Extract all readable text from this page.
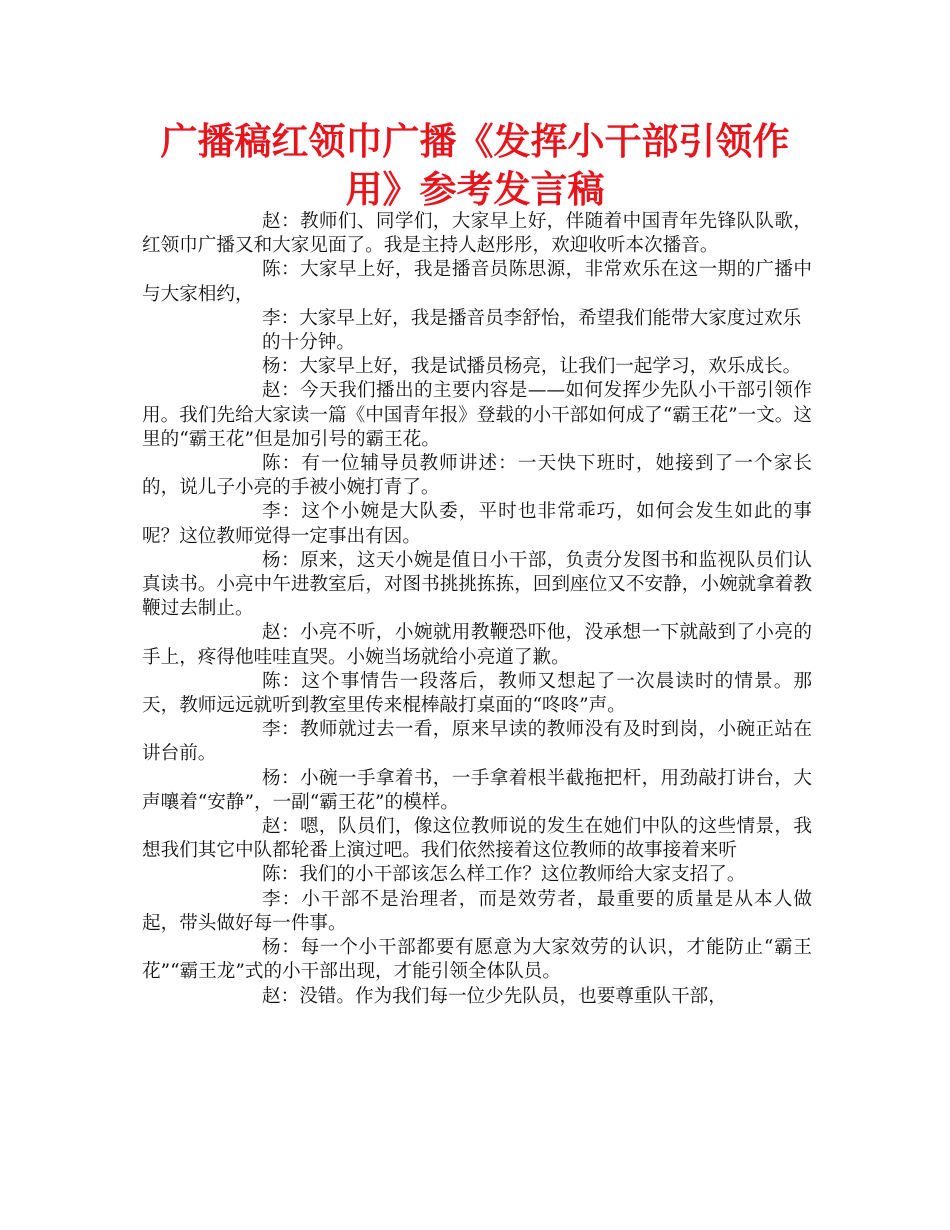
广播稿红领巾广播《发挥小干部引领作
用》参考发言稿

赵：教师们、同学们，大家早上好，伴随着中国青年先锋队队歌，红领巾广播又和大家见面了。我是主持人赵彤彤，欢迎收听本次播音。

陈：大家早上好，我是播音员陈思源，非常欢乐在这一期的广播中与大家相约，

李：大家早上好，我是播音员李舒怡，希望我们能带大家度过欢乐

的十分钟。

杨：大家早上好，我是试播员杨亮，让我们一起学习，欢乐成长。

赵：今天我们播出的主要内容是——如何发挥少先队小干部引领作用。我们先给大家读一篇《中国青年报》登载的小干部如何成了“霸王花”一文。这里的“霸王花”但是加引号的霸王花。

陈：有一位辅导员教师讲述：一天快下班时，她接到了一个家长的，说儿子小亮的手被小婉打青了。

李：这个小婉是大队委，平时也非常乖巧，如何会发生如此的事呢？这位教师觉得一定事出有因。

杨：原来，这天小婉是值日小干部，负责分发图书和监视队员们认真读书。小亮中午进教室后，对图书挑挑拣拣，回到座位又不安静，小婉就拿着教鞭过去制止。

赵：小亮不听，小婉就用教鞭恐吓他，没承想一下就敲到了小亮的手上，疼得他哇哇直哭。小婉当场就给小亮道了歉。

陈：这个事情告一段落后，教师又想起了一次晨读时的情景。那天，教师远远就听到教室里传来棍棒敲打桌面的“咚咚”声。

李：教师就过去一看，原来早读的教师没有及时到岗，小碗正站在讲台前。

杨：小碗一手拿着书，一手拿着根半截拖把杆，用劲敲打讲台，大声嚷着“安静”，一副“霸王花”的模样。

赵：嗯，队员们，像这位教师说的发生在她们中队的这些情景，我想我们其它中队都轮番上演过吧。我们依然接着这位教师的故事接着来听

陈：我们的小干部该怎么样工作？这位教师给大家支招了。

李：小干部不是治理者，而是效劳者，最重要的质量是从本人做起，带头做好每一件事。

杨：每一个小干部都要有愿意为大家效劳的认识，才能防止“霸王花”“霸王龙”式的小干部出现，才能引领全体队员。

赵：没错。作为我们每一位少先队员，也要尊重队干部，
